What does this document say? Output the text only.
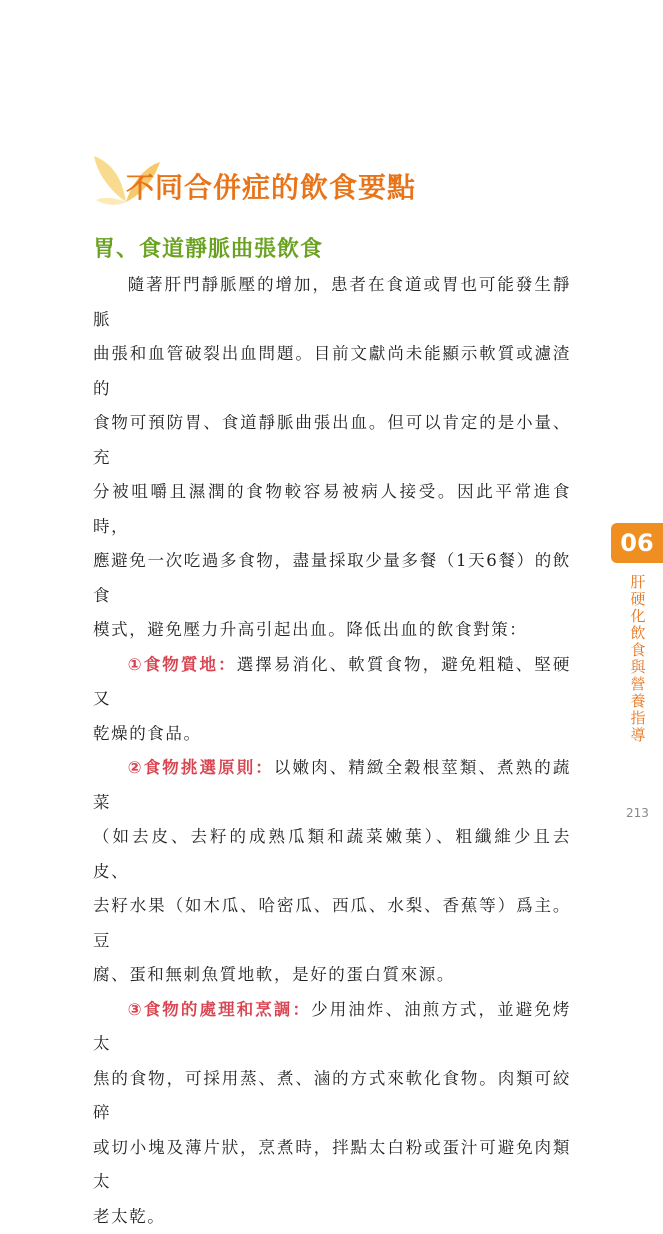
不同合併症的飲食要點
胃、食道靜脈曲張飲食

隨著肝門靜脈壓的增加，患者在食道或胃也可能發生靜脈

曲張和血管破裂出血問題。目前文獻尚未能顯示軟質或濾渣的

食物可預防胃、食道靜脈曲張出血。但可以肯定的是小量、充

分被咀嚼且濕潤的食物較容易被病人接受。因此平常進食時，

應避免一次吃過多食物，盡量採取少量多餐（1天6餐）的飲食

模式，避免壓力升高引起出血。降低出血的飲食對策：

①食物質地：選擇易消化、軟質食物，避免粗糙、堅硬又

乾燥的食品。

②食物挑選原則：以嫩肉、精緻全穀根莖類、煮熟的蔬菜

（如去皮、去籽的成熟瓜類和蔬菜嫩葉）、粗纖維少且去皮、

去籽水果（如木瓜、哈密瓜、西瓜、水梨、香蕉等）爲主。豆

腐、蛋和無刺魚質地軟，是好的蛋白質來源。

③食物的處理和烹調：少用油炸、油煎方式，並避免烤太

焦的食物，可採用蒸、煮、滷的方式來軟化食物。肉類可絞碎

或切小塊及薄片狀，烹煮時，拌點太白粉或蛋汁可避免肉類太

老太乾。

06
肝
硬
化
飲
食
與
營
養
指
導
213
